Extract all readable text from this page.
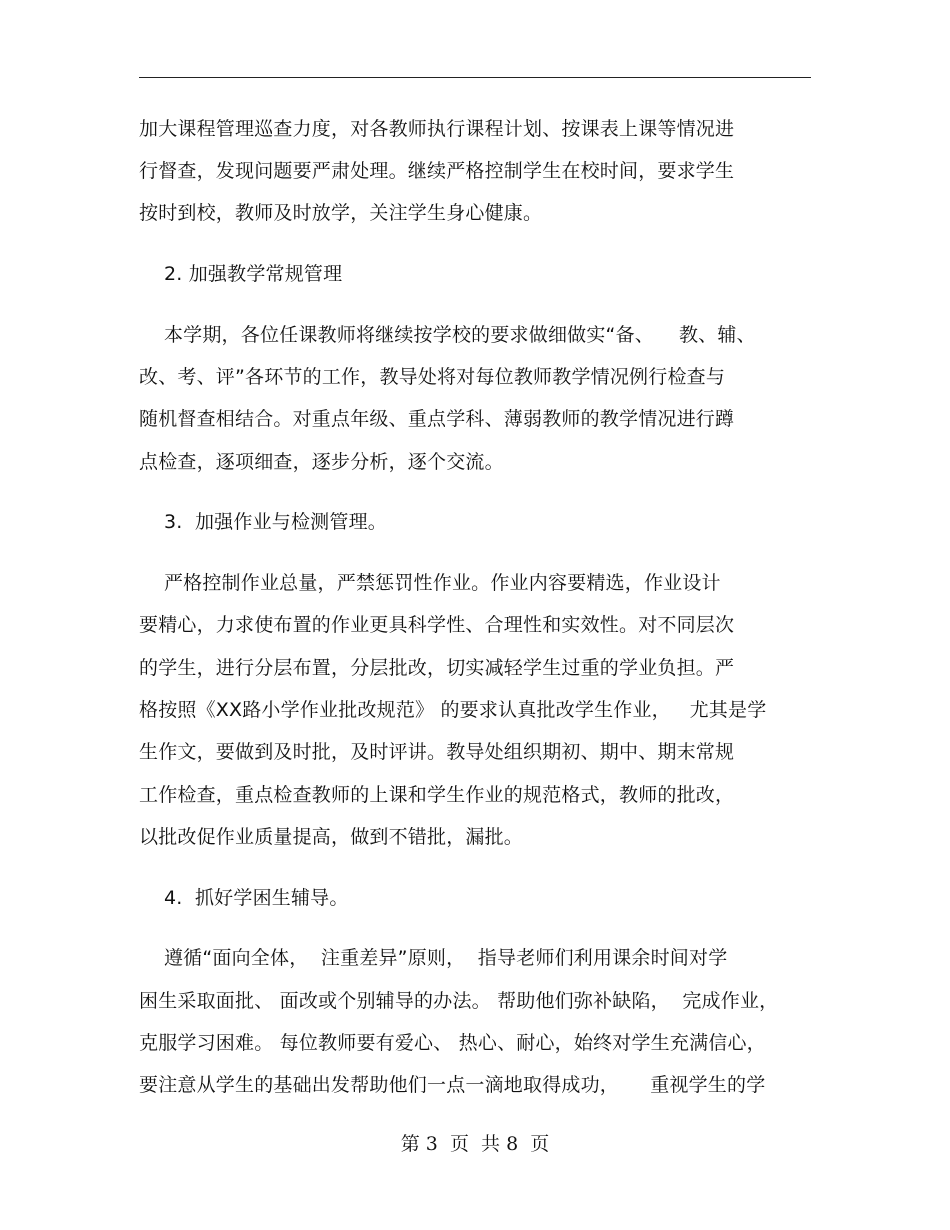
加大课程管理巡查力度，对各教师执行课程计划、按课表上课等情况进
行督查，发现问题要严肃处理。继续严格控制学生在校时间，要求学生
按时到校，教师及时放学，关注学生身心健康。
2. 加强教学常规管理
本学期，各位任课教师将继续按学校的要求做细做实“备、    教、辅、
改、考、评”各环节的工作，教导处将对每位教师教学情况例行检查与
随机督查相结合。对重点年级、重点学科、薄弱教师的教学情况进行蹲
点检查，逐项细查，逐步分析，逐个交流。
3.  加强作业与检测管理。
严格控制作业总量，严禁惩罚性作业。作业内容要精选，作业设计
要精心，力求使布置的作业更具科学性、合理性和实效性。对不同层次
的学生，进行分层布置，分层批改，切实减轻学生过重的学业负担。严
格按照《XX路小学作业批改规范》 的要求认真批改学生作业，   尤其是学
生作文，要做到及时批，及时评讲。教导处组织期初、期中、期末常规
工作检查，重点检查教师的上课和学生作业的规范格式，教师的批改，
以批改促作业质量提高，做到不错批，漏批。
4.  抓好学困生辅导。
遵循“面向全体，  注重差异”原则，  指导老师们利用课余时间对学
困生采取面批、 面改或个别辅导的办法。 帮助他们弥补缺陷，  完成作业，
克服学习困难。 每位教师要有爱心、 热心、耐心，始终对学生充满信心，
要注意从学生的基础出发帮助他们一点一滴地取得成功，     重视学生的学
第 3  页  共 8  页
